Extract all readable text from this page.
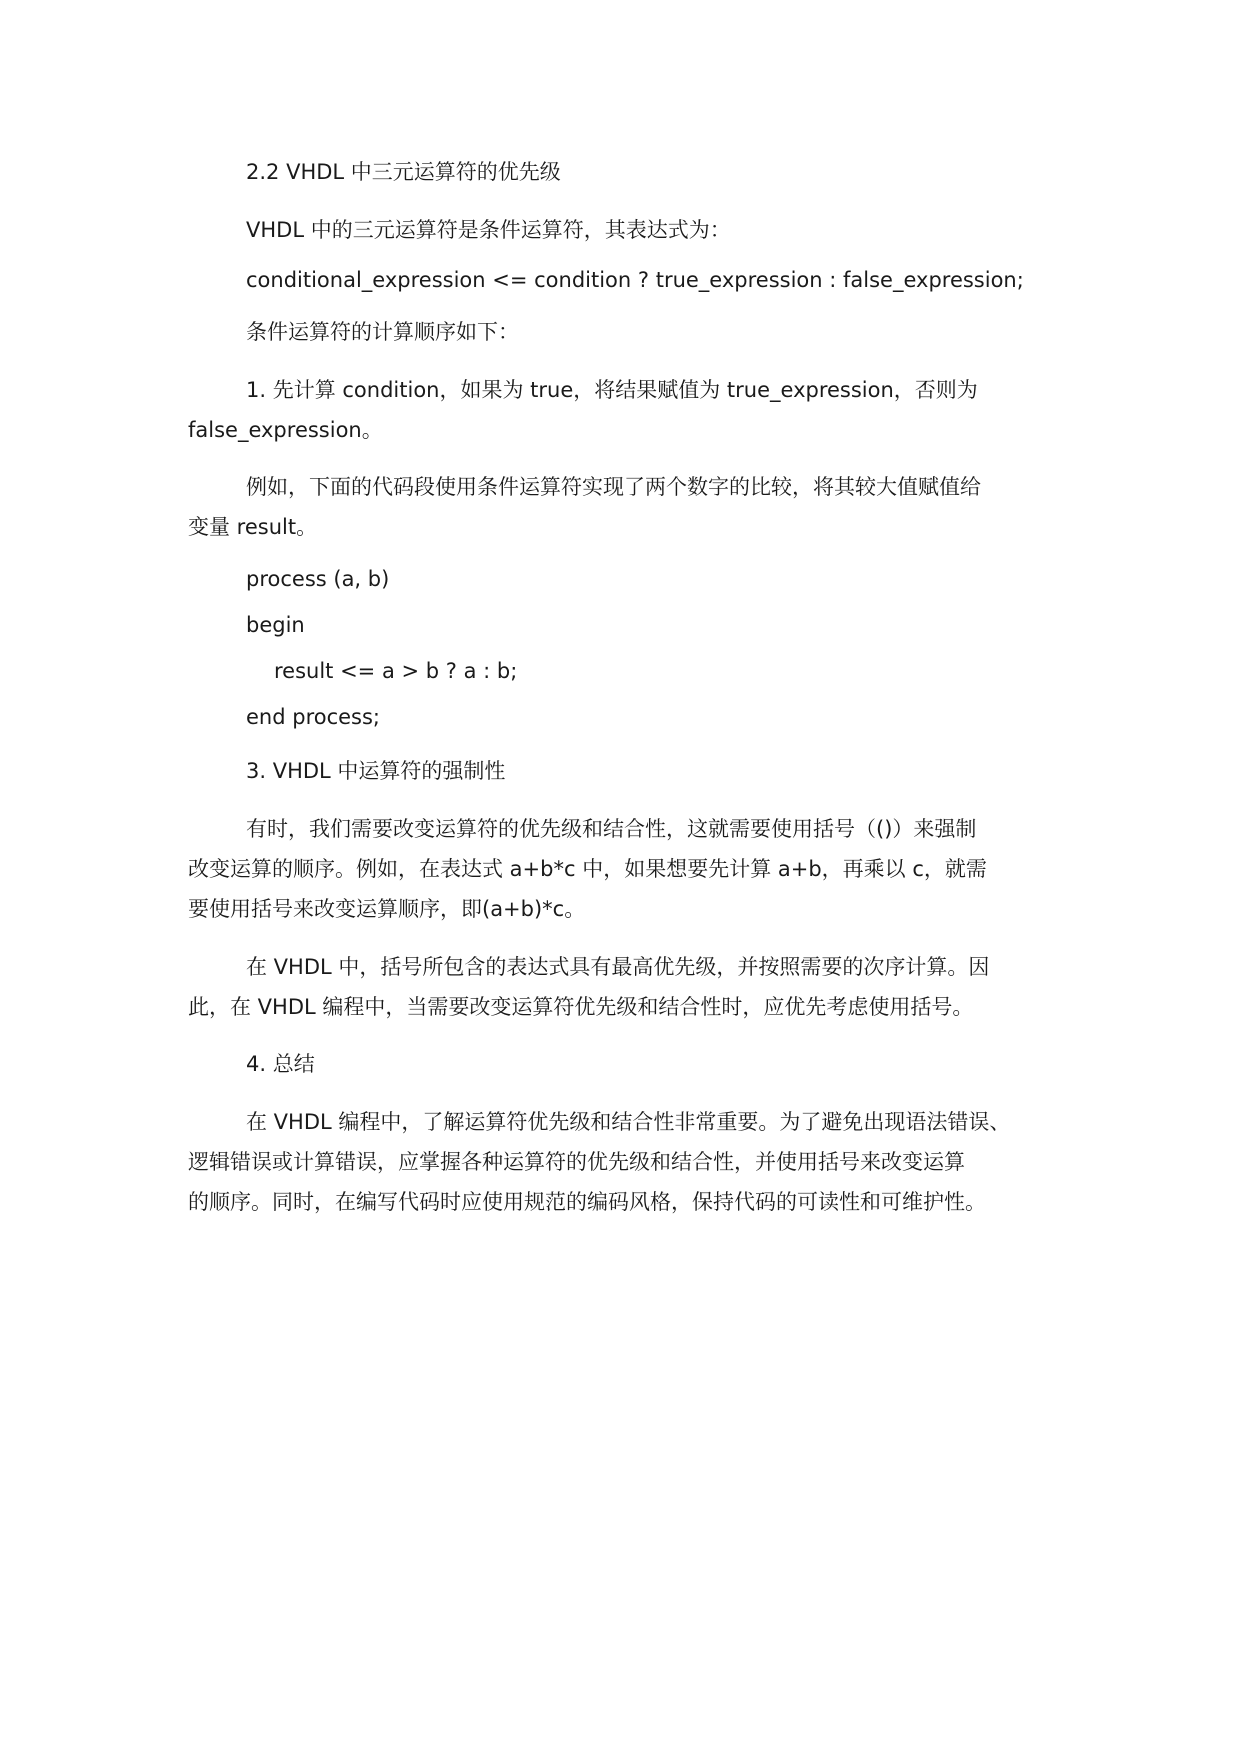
2.2 VHDL 中三元运算符的优先级
VHDL 中的三元运算符是条件运算符，其表达式为：
conditional_expression <= condition ? true_expression : false_expression;
条件运算符的计算顺序如下：
1. 先计算 condition，如果为 true，将结果赋值为 true_expression，否则为
false_expression。
例如，下面的代码段使用条件运算符实现了两个数字的比较，将其较大值赋值给
变量 result。
process (a, b)
begin
result <= a > b ? a : b;
end process;
3. VHDL 中运算符的强制性
有时，我们需要改变运算符的优先级和结合性，这就需要使用括号（()）来强制
改变运算的顺序。例如，在表达式 a+b*c 中，如果想要先计算 a+b，再乘以 c，就需
要使用括号来改变运算顺序，即(a+b)*c。
在 VHDL 中，括号所包含的表达式具有最高优先级，并按照需要的次序计算。因
此，在 VHDL 编程中，当需要改变运算符优先级和结合性时，应优先考虑使用括号。
4. 总结
在 VHDL 编程中，了解运算符优先级和结合性非常重要。为了避免出现语法错误、
逻辑错误或计算错误，应掌握各种运算符的优先级和结合性，并使用括号来改变运算
的顺序。同时，在编写代码时应使用规范的编码风格，保持代码的可读性和可维护性。
